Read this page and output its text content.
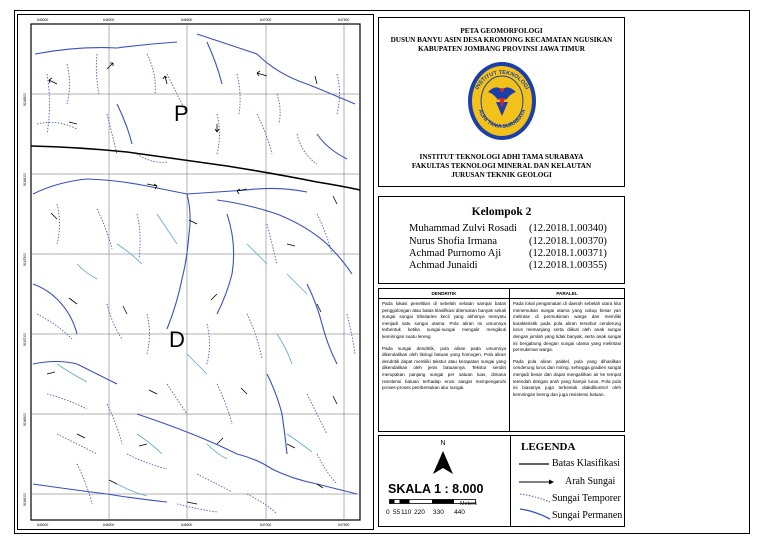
645000	646000	646500	647000	647500
645000	646000	646500	647000	647500
9168500
9168000
9167500
9167000
9166500
9166000
P
D
PETA GEOMORFOLOGI
DUSUN BANYU ASIN DESA KROMONG KECAMATAN NGUSIKAN
KABUPATEN JOMBANG PROVINSI JAWA TIMUR
INSTITUT TEKNOLOGI
ADHI TAMA SURABAYA
INSTITUT TEKNOLOGI ADHI TAMA SURABAYA
FAKULTAS TEKNOLOGI MINERAL DAN KELAUTAN
JURUSAN TEKNIK GEOLOGI
Kelompok 2
Muhammad Zulvi Rosadi (12.2018.1.00340)
Nurus Shofia Irmana	(12.2018.1.00370)
Achmad Purnomo Aji	(12.2018.1.00371)
Achmad Junaidi	(12.2018.1.00355)
DENDRITIK	PARALEL

Pada lokasi penelitian di sebelah selatan sampai batas penggolongan atau batas klasifikasi ditemukan banyak sekali sungai sungai tributaries kecil yang akhirnya menyatu menjadi satu sungai utama. Pola aliran ini umumnya terbentuk ketika sungai-sungai mengalir mengikuti kemiringan suatu lereng

Pada sungai dendritik, pola aliran pada umumnya dikendalikan oleh litologi batuan yang homogen. Pola aliran dendritik dapat memiliki tekstur atau kerapatan sungai yang dikendalikan oleh jenis batuannya. Tekstur sendiri merupakan panjang sungai per satuan luas, dimana resistensi batuan terhadap erosi sangat mempengaruhi proses-proses pembentukan alur sungai.

Pada lokal pengamatan di daerah sebelah utara kita menemukan sungai utama yang cukup besar yan melintas di permukiman warga dan memiliki karakteristik pada pola aliran tersebut cenderung lurus memanjang serta diikuti oleh anak sungai dengan jumlah yang tidak banyak, serta anak sungai ini bergabung dengan sungai utama yang melintasi permukiman warga.

Pada pola aliran palalel, pola yang dihasilkan cenderung lurus dan miring, sehingga gradien sungai menjadi besar dan dapat mengalirkan air ke tempat terendah dengan arah yang hampir lurus. Pola pola ini biasanya juga terbentuk diakdikontrol oleh kemiringan lereng dan juga resistensi batuan.

N
SKALA 1 : 8.000
Meters
0 55 110 220 330 440
LEGENDA
Batas Klasifikasi
Arah Sungai
Sungai Temporer
Sungai Permanen
